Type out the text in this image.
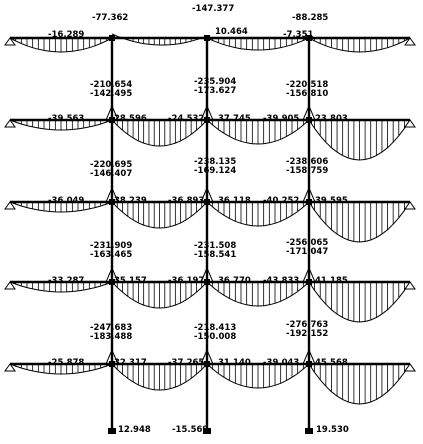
-16.289
-77.362
-147.377
10.464	-7.351
-88.285
-210.654 -142.495
-235.904 -173.627
-220.518 -156.810
-39.563	28.596 -24.532 37.745 -39.905 23.803
-220.695 -146.407
-238.135 -169.124
-238.606 -158.759
-36.049	38.239 -36.893 36.118 -40.252 39.595
-231.909 -163.465
-231.508 -158.541
-256.065 -171.047
-33.287	35.157 -36.197 36.770 -43.833 41.185
-247.683 -183.488
-218.413 -150.008
-276.763 -192.152
-25.878	32.317 -37.265 31.140 -39.043 45.568
12.948 -15.569	19.530
